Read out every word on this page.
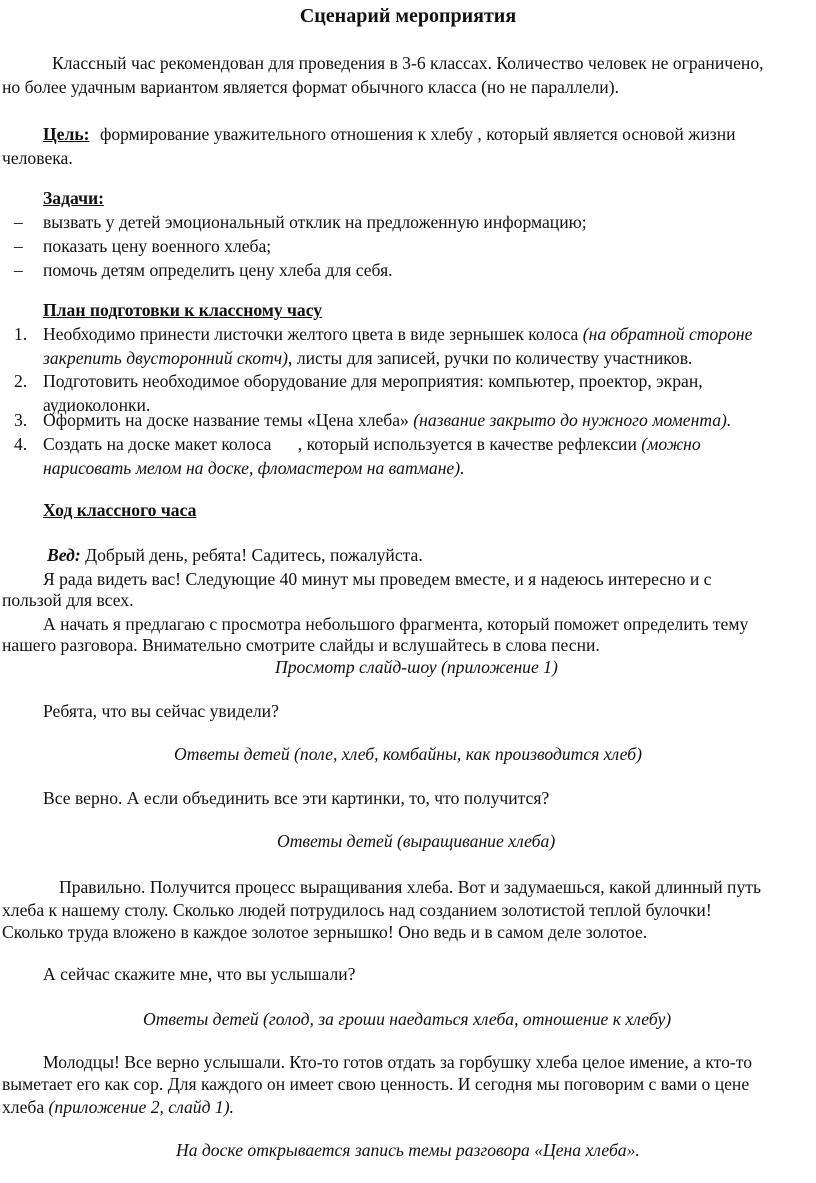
Сценарий мероприятия
Классный час рекомендован для проведения в 3-6 классах. Количество человек не ограничено,
но более удачным вариантом является формат обычного класса (но не параллели).
Цель: формирование уважительного отношения к хлебу , который является основой жизни
человека.
Задачи:
– вызвать у детей эмоциональный отклик на предложенную информацию;
– показать цену военного хлеба;
– помочь детям определить цену хлеба для себя.
План подготовки к классному часу
1. Необходимо принести листочки желтого цвета в виде зернышек колоса (на обратной стороне
закрепить двусторонний скотч), листы для записей, ручки по количеству участников.
2. Подготовить необходимое оборудование для мероприятия: компьютер, проектор, экран,
аудиоколонки.
3. Оформить на доске название темы «Цена хлеба» (название закрыто до нужного момента).
4. Создать на доске макет колоса      , который используется в качестве рефлексии (можно
нарисовать мелом на доске, фломастером на ватмане).
Ход классного часа
Вед: Добрый день, ребята! Садитесь, пожалуйста.
Я рада видеть вас! Следующие 40 минут мы проведем вместе, и я надеюсь интересно и с
пользой для всех.
А начать я предлагаю с просмотра небольшого фрагмента, который поможет определить тему
нашего разговора. Внимательно смотрите слайды и вслушайтесь в слова песни.
Просмотр слайд-шоу (приложение 1)
Ребята, что вы сейчас увидели?
Ответы детей (поле, хлеб, комбайны, как производится хлеб)
Все верно. А если объединить все эти картинки, то, что получится?
Ответы детей (выращивание хлеба)
Правильно. Получится процесс выращивания хлеба. Вот и задумаешься, какой длинный путь
хлеба к нашему столу. Сколько людей потрудилось над созданием золотистой теплой булочки!
Сколько труда вложено в каждое золотое зернышко! Оно ведь и в самом деле золотое.
А сейчас скажите мне, что вы услышали?
Ответы детей (голод, за гроши наедаться хлеба, отношение к хлебу)
Молодцы! Все верно услышали. Кто-то готов отдать за горбушку хлеба целое имение, а кто-то
выметает его как сор. Для каждого он имеет свою ценность. И сегодня мы поговорим с вами о цене
хлеба (приложение 2, слайд 1).
На доске открывается запись темы разговора «Цена хлеба».
